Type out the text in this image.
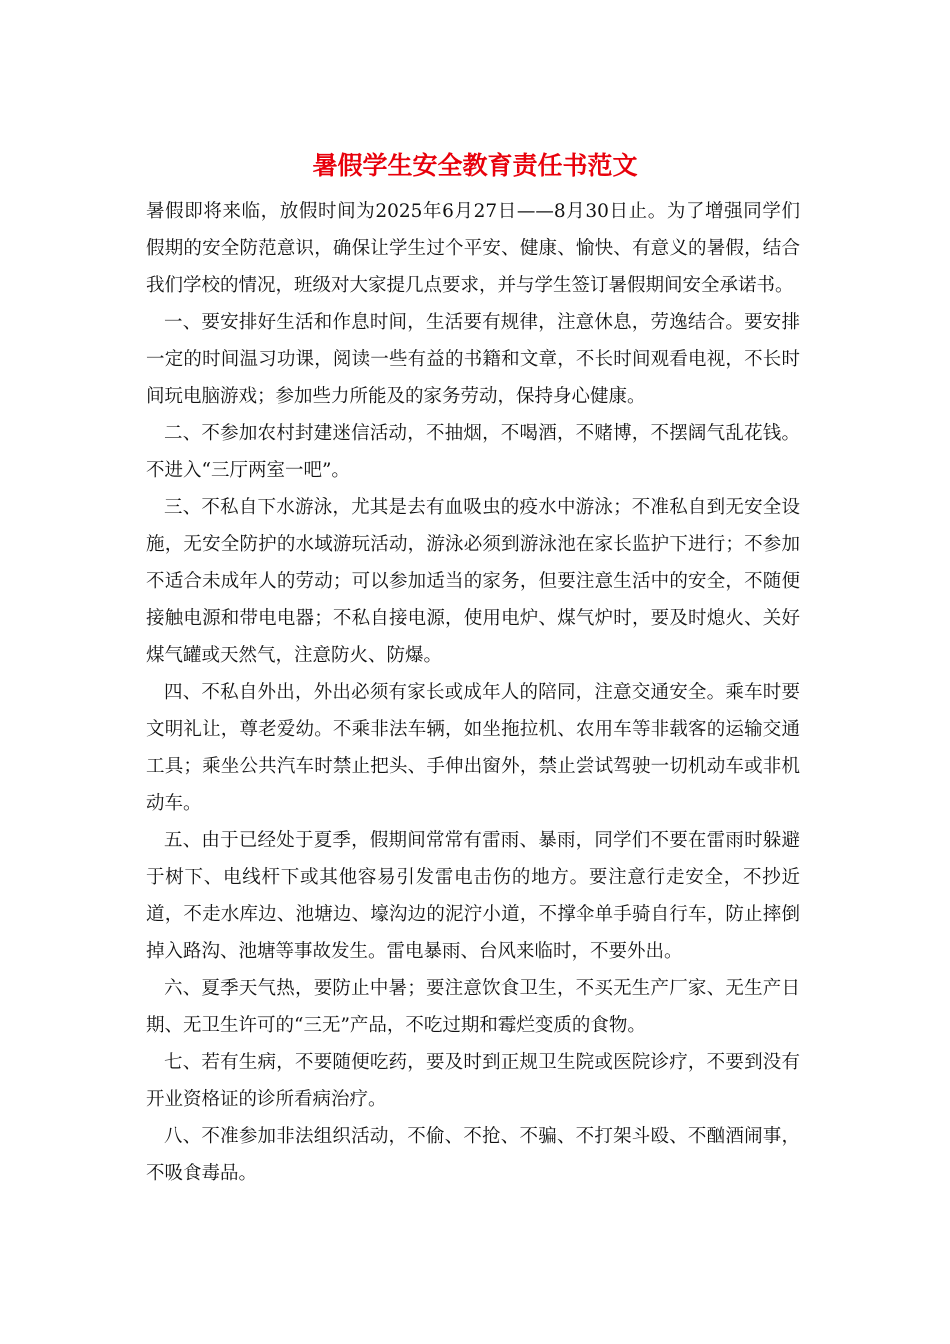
暑假学生安全教育责任书范文

暑假即将来临，放假时间为2025年6月27日——8月30日止。为了增强同学们假期的安全防范意识，确保让学生过个平安、健康、愉快、有意义的暑假，结合我们学校的情况，班级对大家提几点要求，并与学生签订暑假期间安全承诺书。

一、要安排好生活和作息时间，生活要有规律，注意休息，劳逸结合。要安排一定的时间温习功课，阅读一些有益的书籍和文章，不长时间观看电视，不长时间玩电脑游戏；参加些力所能及的家务劳动，保持身心健康。

二、不参加农村封建迷信活动，不抽烟，不喝酒，不赌博，不摆阔气乱花钱。不进入“三厅两室一吧”。

三、不私自下水游泳，尤其是去有血吸虫的疫水中游泳；不准私自到无安全设施，无安全防护的水域游玩活动，游泳必须到游泳池在家长监护下进行；不参加不适合未成年人的劳动；可以参加适当的家务，但要注意生活中的安全，不随便接触电源和带电电器；不私自接电源，使用电炉、煤气炉时，要及时熄火、关好煤气罐或天然气，注意防火、防爆。

四、不私自外出，外出必须有家长或成年人的陪同，注意交通安全。乘车时要文明礼让，尊老爱幼。不乘非法车辆，如坐拖拉机、农用车等非载客的运输交通工具；乘坐公共汽车时禁止把头、手伸出窗外，禁止尝试驾驶一切机动车或非机动车。

五、由于已经处于夏季，假期间常常有雷雨、暴雨，同学们不要在雷雨时躲避于树下、电线杆下或其他容易引发雷电击伤的地方。要注意行走安全，不抄近道，不走水库边、池塘边、壕沟边的泥泞小道，不撑伞单手骑自行车，防止摔倒掉入路沟、池塘等事故发生。雷电暴雨、台风来临时，不要外出。

六、夏季天气热，要防止中暑；要注意饮食卫生，不买无生产厂家、无生产日期、无卫生许可的“三无”产品，不吃过期和霉烂变质的食物。

七、若有生病，不要随便吃药，要及时到正规卫生院或医院诊疗，不要到没有开业资格证的诊所看病治疗。

八、不准参加非法组织活动，不偷、不抢、不骗、不打架斗殴、不酗酒闹事，不吸食毒品。
